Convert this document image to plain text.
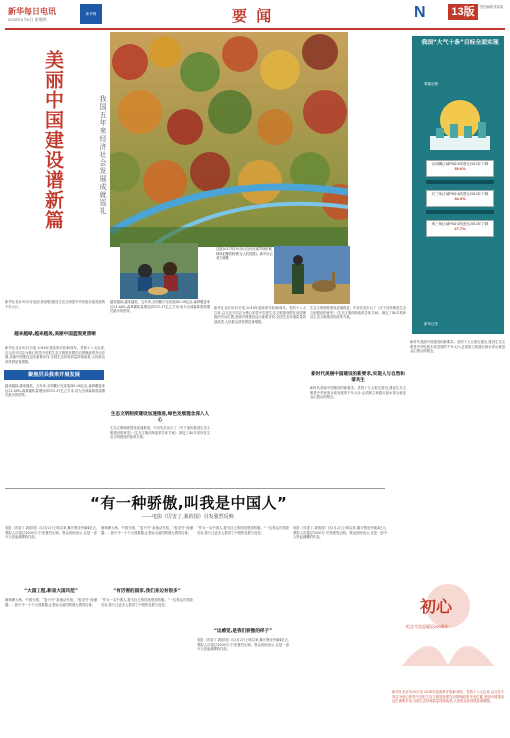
新华每日电讯
2018年9月6日 星期四
新华网	要 闻	N	13版	责任编辑 张某某
美丽中国建设谱新篇	我国五年来经济社会发展成就巡礼
新华社北京9月5日电(记者高敬)建设生态文明是中华民族永续发展的千年大计。
越来越绿,越来越美,美丽中国蓝图更清晰
新华社北京9月5日电 2018年是改革开放40周年。党的十八大以来,以习近平同志为核心的党中央把生态文明建设摆在治国理政的突出位置,美丽中国建设迈出重要步伐,全国生态环境质量持续改善,人民群众获得感显著增强。
聚焦厉兵我来开展发展
越来越绿,越来越美。五年来,全国累计完成造林5.08亿亩,森林覆盖率达21.66%,森林蓄积量增加到151.37亿立方米,成为全球森林资源增长最多的国家。
这是2017年10月5日在河北塞罕坝机械林场拍摄的秋景(无人机拍摄)。新华社记者王晓摄
越来越绿,越来越美。五年来,全国累计完成造林5.08亿亩,森林覆盖率达21.66%,森林蓄积量增加到151.37亿立方米,成为全球森林资源增长最多的国家。
生态文明制度建设加速推进,绿色发展理念深入人心
生态文明制度建设加速推进。中央先后出台了《关于加快推进生态文明建设的意见》《生态文明体制改革总体方案》,制定了40多项涉及生态文明建设的改革方案。
新华社北京9月5日电 2018年是改革开放40周年。党的十八大以来,以习近平同志为核心的党中央把生态文明建设摆在治国理政的突出位置,美丽中国建设迈出重要步伐,全国生态环境质量持续改善,人民群众获得感显著增强。
生态文明制度建设加速推进。中央先后出台了《关于加快推进生态文明建设的意见》《生态文明体制改革总体方案》,制定了40多项涉及生态文明建设的改革方案。
新时代美丽中国建设的新要求,实现人与自然和谐共生
新时代美丽中国建设的新要求。党的十九大报告提出,建设生态文明是中华民族永续发展的千年大计,必须树立和践行绿水青山就是金山银山的理念。
新时代美丽中国建设的新要求。党的十九大报告提出,建设生态文明是中华民族永续发展的千年大计,必须树立和践行绿水青山就是金山银山的理念。
我国“大气十条”目标全面实现
雾霾治理
京津冀区域PM2.5浓度比2013年下降
39.6%
长三角区域PM2.5浓度比2013年下降
34.3%
珠三角区域PM2.5浓度比2013年下降
27.7%
新华社发
“有一种骄傲,叫我是中国人”
——电影《厉害了,我的国》引发强烈反响
电影《厉害了,我的国》自3月2日上映以来,累计票房突破4亿元,观影人次超过1000万,引发强烈反响。观众纷纷表示,这是一部令人热血沸腾的作品。
“大国工程,彰显大国风范”
港珠澳大桥、中国天眼、“复兴号”高速动车组、“蛟龙号”深潜器……影片中一个个大国重器,让观众为祖国的强大感到自豪。
港珠澳大桥、中国天眼、“复兴号”高速动车组、“蛟龙号”深潜器……影片中一个个大国重器,让观众为祖国的强大感到自豪。
“有厉害的国家,我们身边有很多”
“作为一名中国人,我为自己的国家感到骄傲。”一位观众在观影后说,影片让更多人看到了中国的发展与变化。
“作为一名中国人,我为自己的国家感到骄傲。”一位观众在观影后说,影片让更多人看到了中国的发展与变化。
“这感觉,是我们骄傲的样子”
电影《厉害了,我的国》自3月2日上映以来,累计票房突破4亿元,观影人次超过1000万,引发强烈反响。观众纷纷表示,这是一部令人热血沸腾的作品。
电影《厉害了,我的国》自3月2日上映以来,累计票房突破4亿元,观影人次超过1000万,引发强烈反响。观众纷纷表示,这是一部令人热血沸腾的作品。
初心
纪念马克思诞辰200周年
新华社北京9月5日电 2018年是改革开放40周年。党的十八大以来,以习近平同志为核心的党中央把生态文明建设摆在治国理政的突出位置,美丽中国建设迈出重要步伐,全国生态环境质量持续改善,人民群众获得感显著增强。
